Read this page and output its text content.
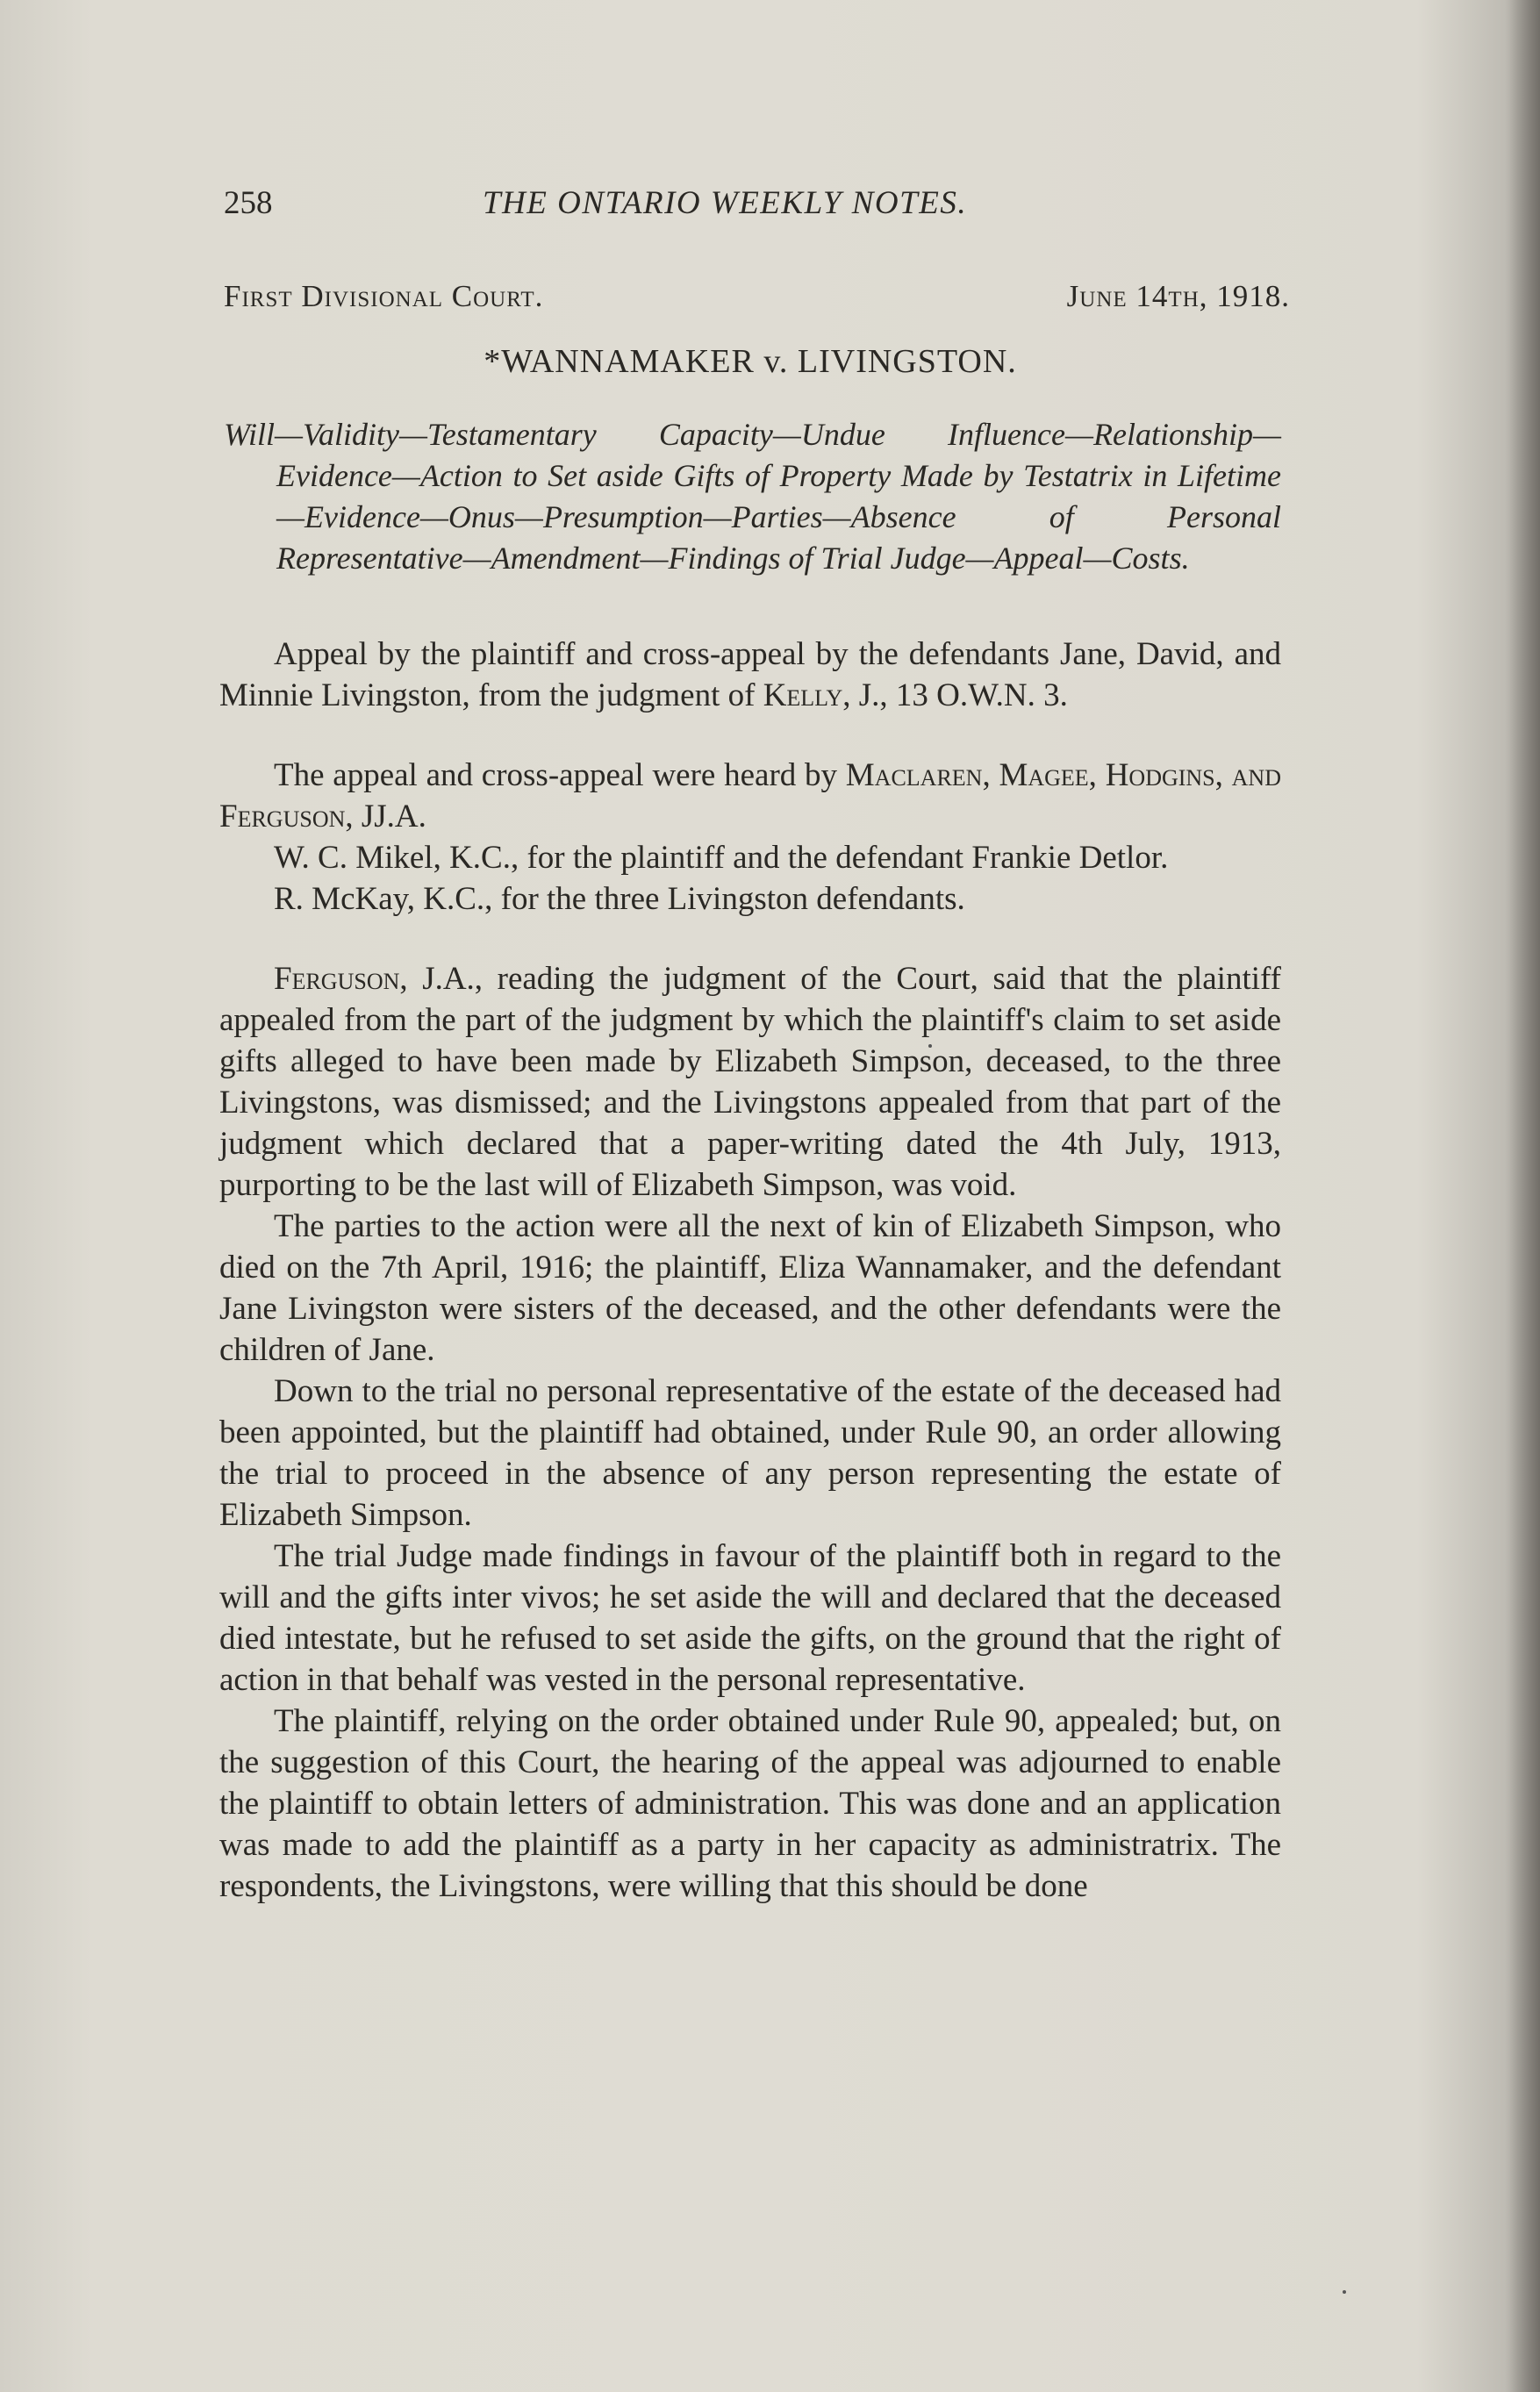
258	THE ONTARIO WEEKLY NOTES.
First Divisional Court.	June 14th, 1918.
*WANNAMAKER v. LIVINGSTON.

Will—Validity—Testamentary Capacity—Undue Influence—Relationship—Evidence—Action to Set aside Gifts of Property Made by Testatrix in Lifetime—Evidence—Onus—Presumption—Parties—Absence of Personal Representative—Amendment—Findings of Trial Judge—Appeal—Costs.

Appeal by the plaintiff and cross-appeal by the defendants Jane, David, and Minnie Livingston, from the judgment of Kelly, J., 13 O.W.N. 3.

The appeal and cross-appeal were heard by Maclaren, Magee, Hodgins, and Ferguson, JJ.A.

W. C. Mikel, K.C., for the plaintiff and the defendant Frankie Detlor.

R. McKay, K.C., for the three Livingston defendants.

Ferguson, J.A., reading the judgment of the Court, said that the plaintiff appealed from the part of the judgment by which the plaintiff's claim to set aside gifts alleged to have been made by Elizabeth Simpson, deceased, to the three Livingstons, was dismissed; and the Livingstons appealed from that part of the judgment which declared that a paper-writing dated the 4th July, 1913, purporting to be the last will of Elizabeth Simpson, was void.

The parties to the action were all the next of kin of Elizabeth Simpson, who died on the 7th April, 1916; the plaintiff, Eliza Wannamaker, and the defendant Jane Livingston were sisters of the deceased, and the other defendants were the children of Jane.

Down to the trial no personal representative of the estate of the deceased had been appointed, but the plaintiff had obtained, under Rule 90, an order allowing the trial to proceed in the absence of any person representing the estate of Elizabeth Simpson.

The trial Judge made findings in favour of the plaintiff both in regard to the will and the gifts inter vivos; he set aside the will and declared that the deceased died intestate, but he refused to set aside the gifts, on the ground that the right of action in that behalf was vested in the personal representative.

The plaintiff, relying on the order obtained under Rule 90, appealed; but, on the suggestion of this Court, the hearing of the appeal was adjourned to enable the plaintiff to obtain letters of administration. This was done and an application was made to add the plaintiff as a party in her capacity as administratrix. The respondents, the Livingstons, were willing that this should be done
